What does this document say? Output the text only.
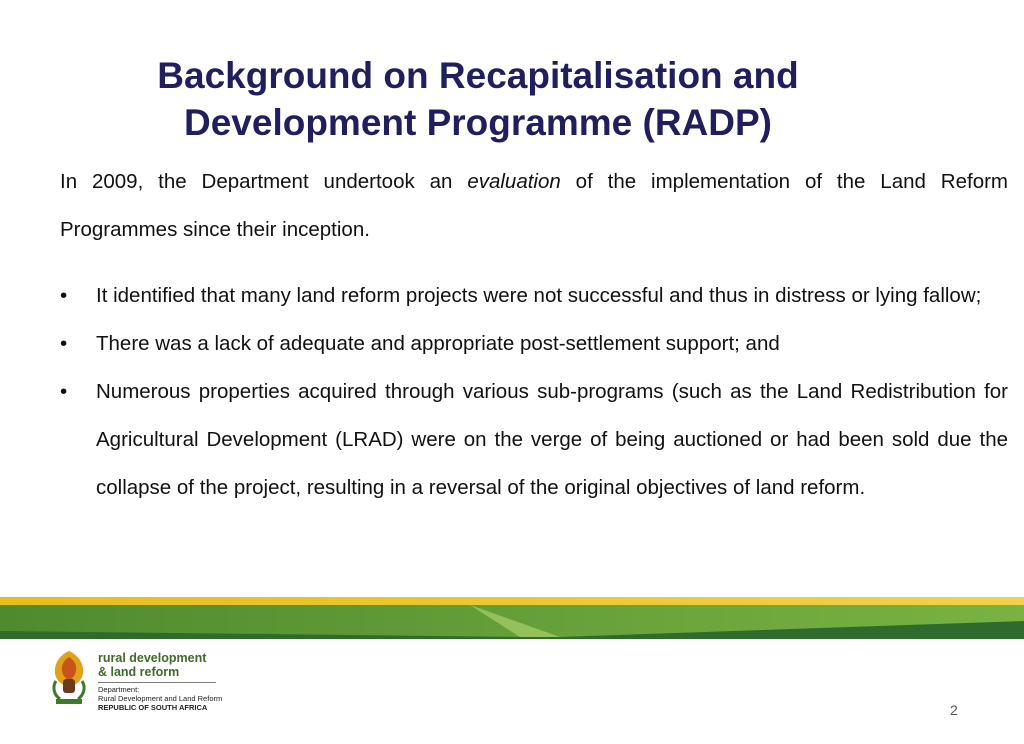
Background on Recapitalisation and
Development Programme (RADP)

In 2009, the Department undertook an evaluation of the implementation of the Land Reform Programmes since their inception.

• It identified that many land reform projects were not successful and thus in distress or lying fallow;
• There was a lack of adequate and appropriate post-settlement support; and
• Numerous properties acquired through various sub-programs (such as the Land Redistribution for Agricultural Development (LRAD) were on the verge of being auctioned or had been sold due the collapse of the project, resulting in a reversal of the original objectives of land reform.
rural development
& land reform
Department:
Rural Development and Land Reform
REPUBLIC OF SOUTH AFRICA	2
